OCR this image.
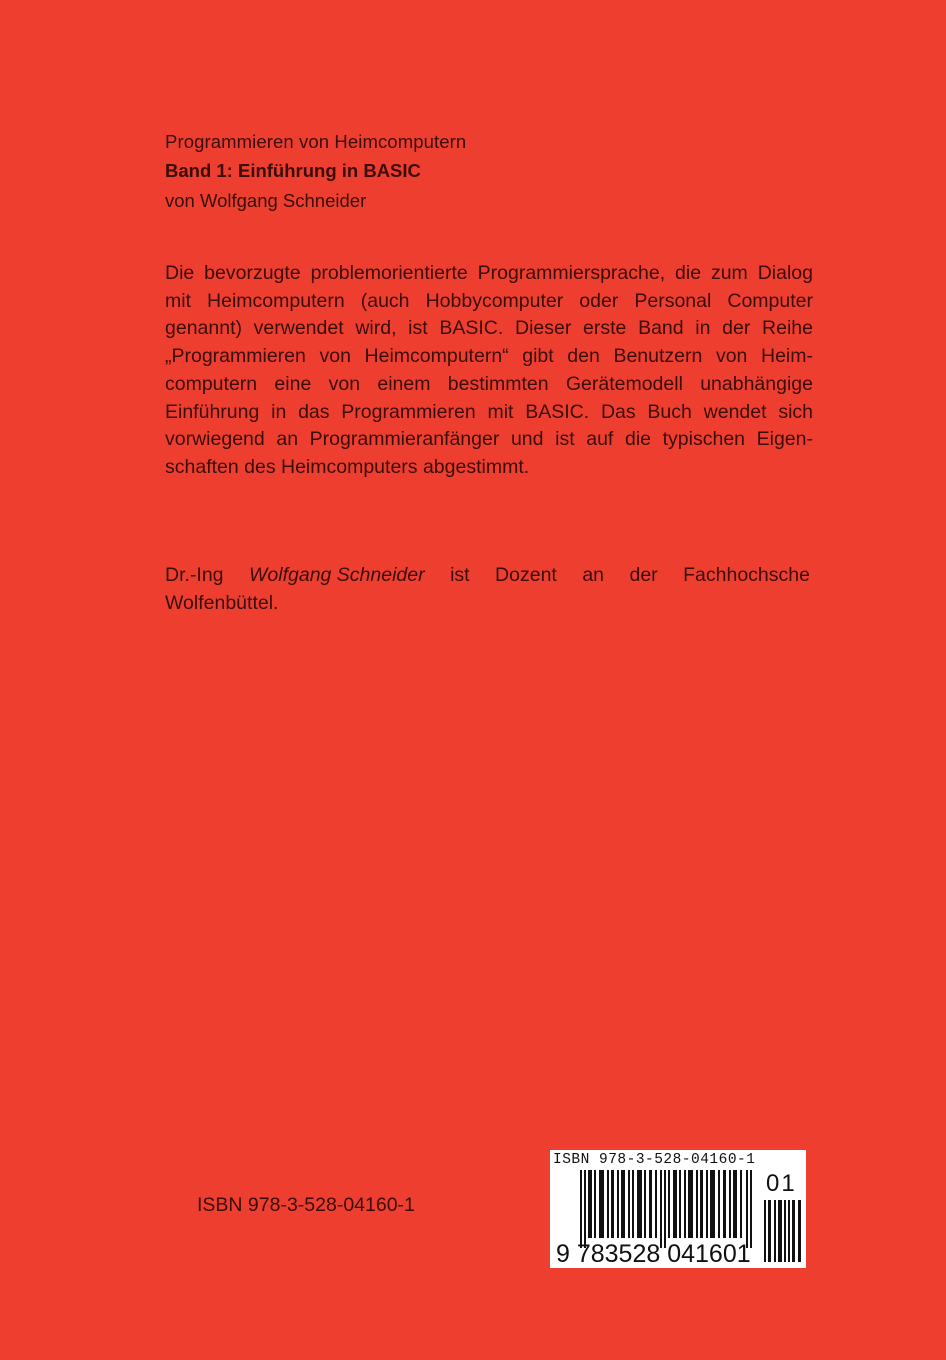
Programmieren von Heimcomputern
Band 1: Einführung in BASIC
von Wolfgang Schneider

Die bevorzugte problemorientierte Programmiersprache, die zum Dialog
mit Heimcomputern (auch Hobbycomputer oder Personal Computer
genannt) verwendet wird, ist BASIC. Dieser erste Band in der Reihe
„Programmieren von Heimcomputern“ gibt den Benutzern von Heim-
computern eine von einem bestimmten Gerätemodell unabhängige
Einführung in das Programmieren mit BASIC. Das Buch wendet sich
vorwiegend an Programmieranfänger und ist auf die typischen Eigen-
schaften des Heimcomputers abgestimmt.

Dr.-Ing Wolfgang Schneider ist Dozent an der Fachhochsche
Wolfenbüttel.
ISBN 978-3-528-04160-1
ISBN 978-3-528-04160-1
9 783528 041601
01
